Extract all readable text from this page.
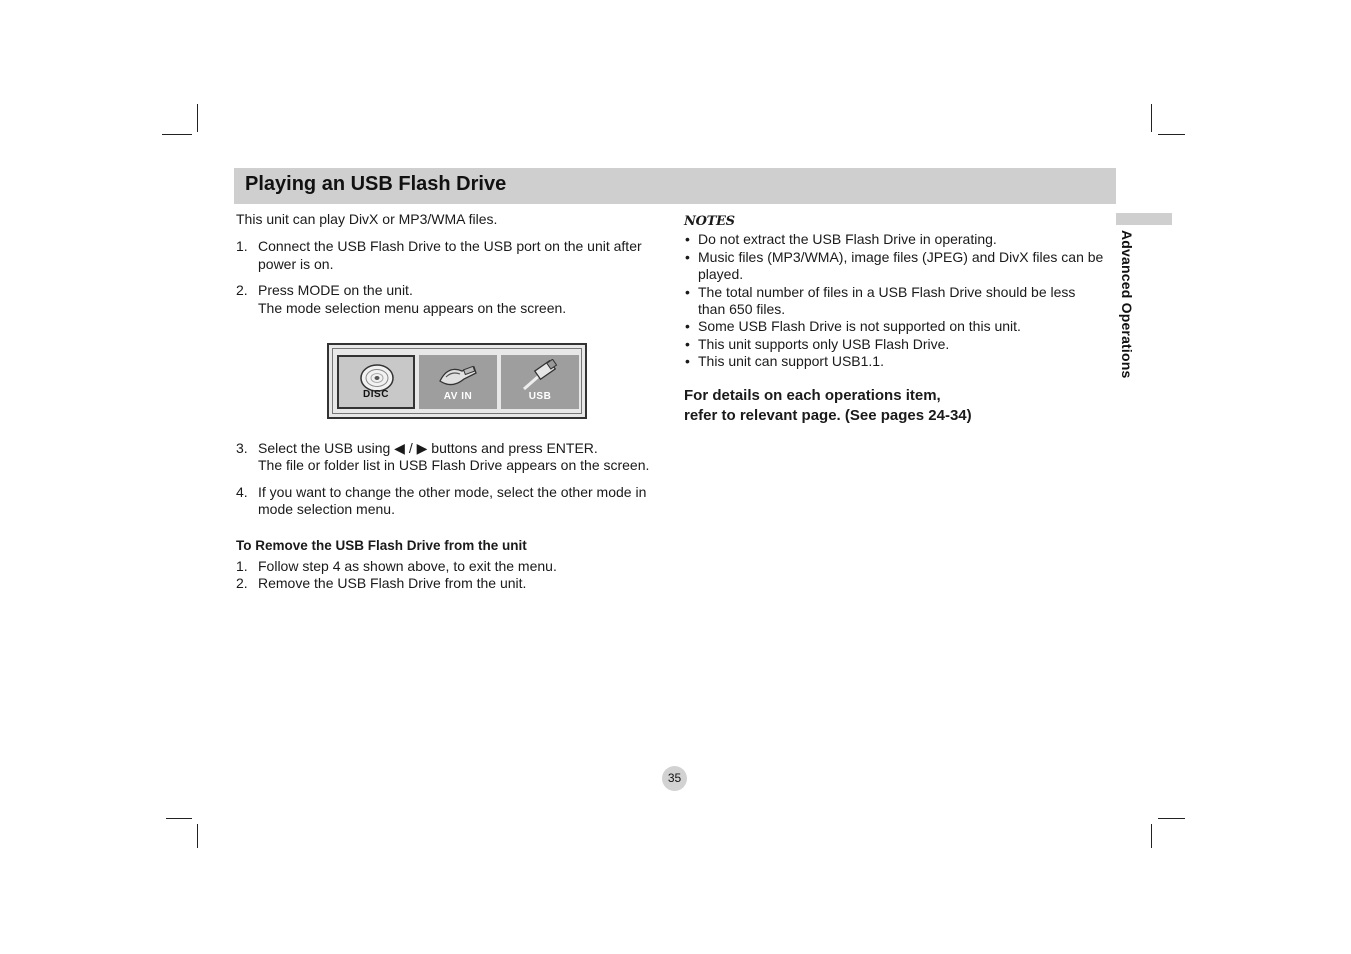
Playing an USB Flash Drive
Advanced Operations

This unit can play DivX or MP3/WMA files.

1. Connect the USB Flash Drive to the USB port on the unit after power is on.
2. Press MODE on the unit.
The mode selection menu appears on the screen.
DISC	AV IN	USB
3. Select the USB using ◀ / ▶ buttons and press ENTER.
The file or folder list in USB Flash Drive appears on the screen.
4. If you want to change the other mode, select the other mode in mode selection menu.

To Remove the USB Flash Drive from the unit

1. Follow step 4 as shown above, to exit the menu.
2. Remove the USB Flash Drive from the unit.
NOTES
• Do not extract the USB Flash Drive in operating.
• Music files (MP3/WMA), image files (JPEG) and DivX files can be played.
• The total number of files in a USB Flash Drive should be less than 650 files.
• Some USB Flash Drive is not supported on this unit.
• This unit supports only USB Flash Drive.
• This unit can support USB1.1.
For details on each operations item,
refer to relevant page. (See pages 24-34)
35
